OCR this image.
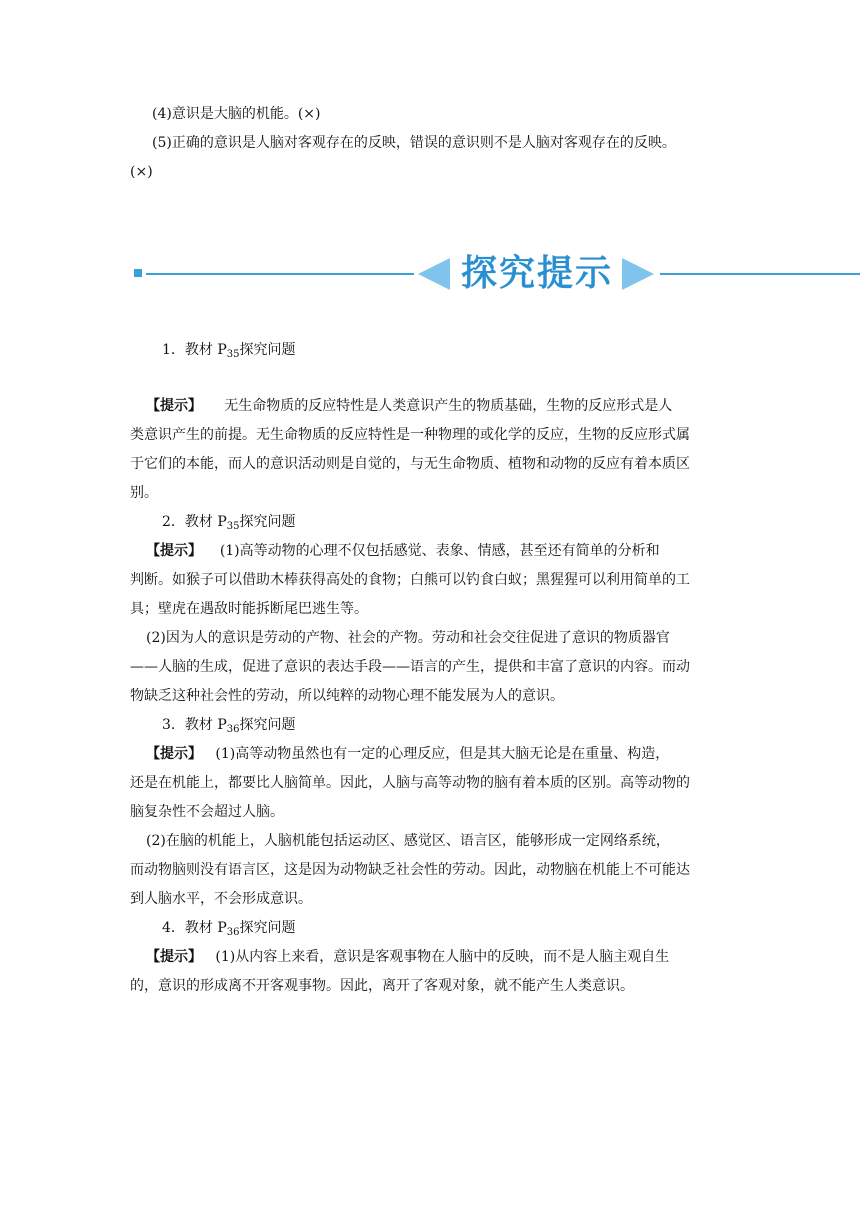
(4)意识是大脑的机能。(×)
(5)正确的意识是人脑对客观存在的反映，错误的意识则不是人脑对客观存在的反映。
(×)
探究提示
1．教材 $P_{35}$探究问题
【提示】 无生命物质的反应特性是人类意识产生的物质基础，生物的反应形式是人
类意识产生的前提。无生命物质的反应特性是一种物理的或化学的反应，生物的反应形式属
于它们的本能，而人的意识活动则是自觉的，与无生命物质、植物和动物的反应有着本质区
别。
2．教材 $P_{35}$探究问题
【提示】 (1)高等动物的心理不仅包括感觉、表象、情感，甚至还有简单的分析和
判断。如猴子可以借助木棒获得高处的食物；白熊可以钓食白蚁；黑猩猩可以利用简单的工
具；壁虎在遇敌时能拆断尾巴逃生等。
(2)因为人的意识是劳动的产物、社会的产物。劳动和社会交往促进了意识的物质器官
——人脑的生成，促进了意识的表达手段——语言的产生，提供和丰富了意识的内容。而动
物缺乏这种社会性的劳动，所以纯粹的动物心理不能发展为人的意识。
3．教材 $P_{36}$探究问题
【提示】 (1)高等动物虽然也有一定的心理反应，但是其大脑无论是在重量、构造，
还是在机能上，都要比人脑简单。因此，人脑与高等动物的脑有着本质的区别。高等动物的
脑复杂性不会超过人脑。
(2)在脑的机能上，人脑机能包括运动区、感觉区、语言区，能够形成一定网络系统，
而动物脑则没有语言区，这是因为动物缺乏社会性的劳动。因此，动物脑在机能上不可能达
到人脑水平，不会形成意识。
4．教材 $P_{36}$探究问题
【提示】 (1)从内容上来看，意识是客观事物在人脑中的反映，而不是人脑主观自生
的，意识的形成离不开客观事物。因此，离开了客观对象，就不能产生人类意识。
